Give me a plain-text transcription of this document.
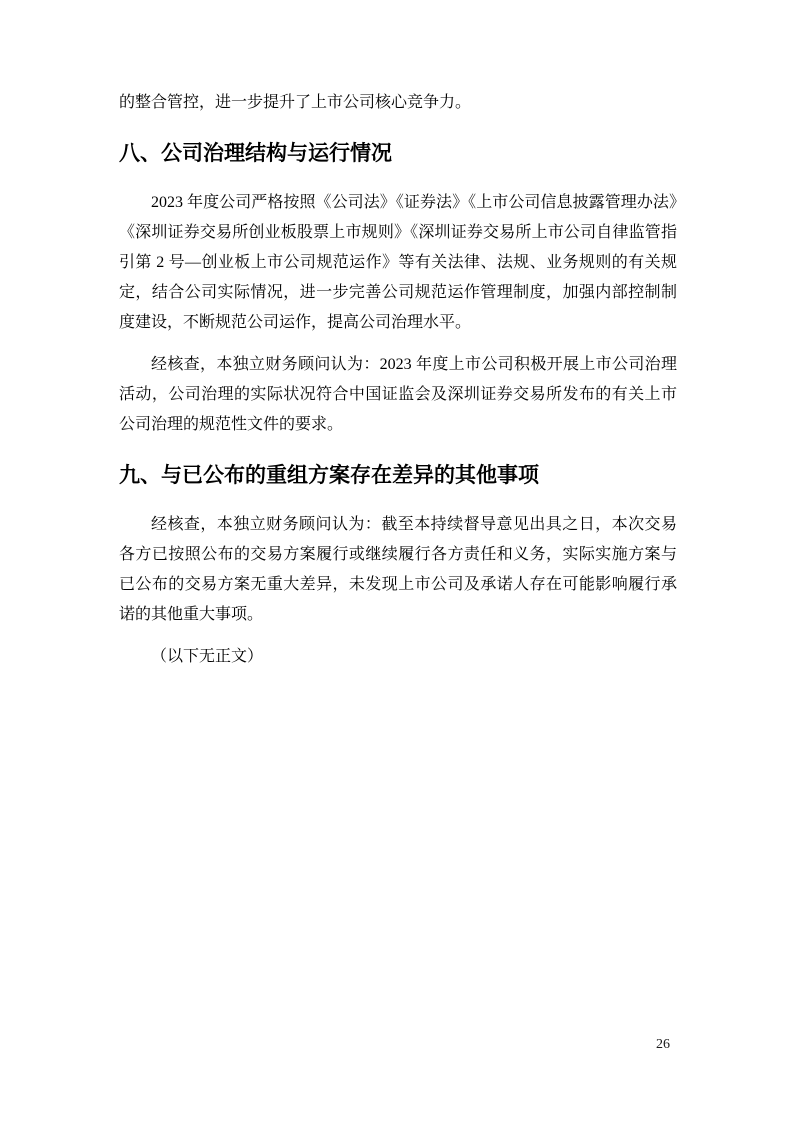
的整合管控，进一步提升了上市公司核心竞争力。

八、公司治理结构与运行情况

2023 年度公司严格按照《公司法》《证券法》《上市公司信息披露管理办法》《深圳证券交易所创业板股票上市规则》《深圳证券交易所上市公司自律监管指引第 2 号—创业板上市公司规范运作》等有关法律、法规、业务规则的有关规定，结合公司实际情况，进一步完善公司规范运作管理制度，加强内部控制制度建设，不断规范公司运作，提高公司治理水平。

经核查，本独立财务顾问认为：2023 年度上市公司积极开展上市公司治理活动，公司治理的实际状况符合中国证监会及深圳证券交易所发布的有关上市公司治理的规范性文件的要求。

九、与已公布的重组方案存在差异的其他事项

经核查，本独立财务顾问认为：截至本持续督导意见出具之日，本次交易各方已按照公布的交易方案履行或继续履行各方责任和义务，实际实施方案与已公布的交易方案无重大差异，未发现上市公司及承诺人存在可能影响履行承诺的其他重大事项。

（以下无正文）

26
